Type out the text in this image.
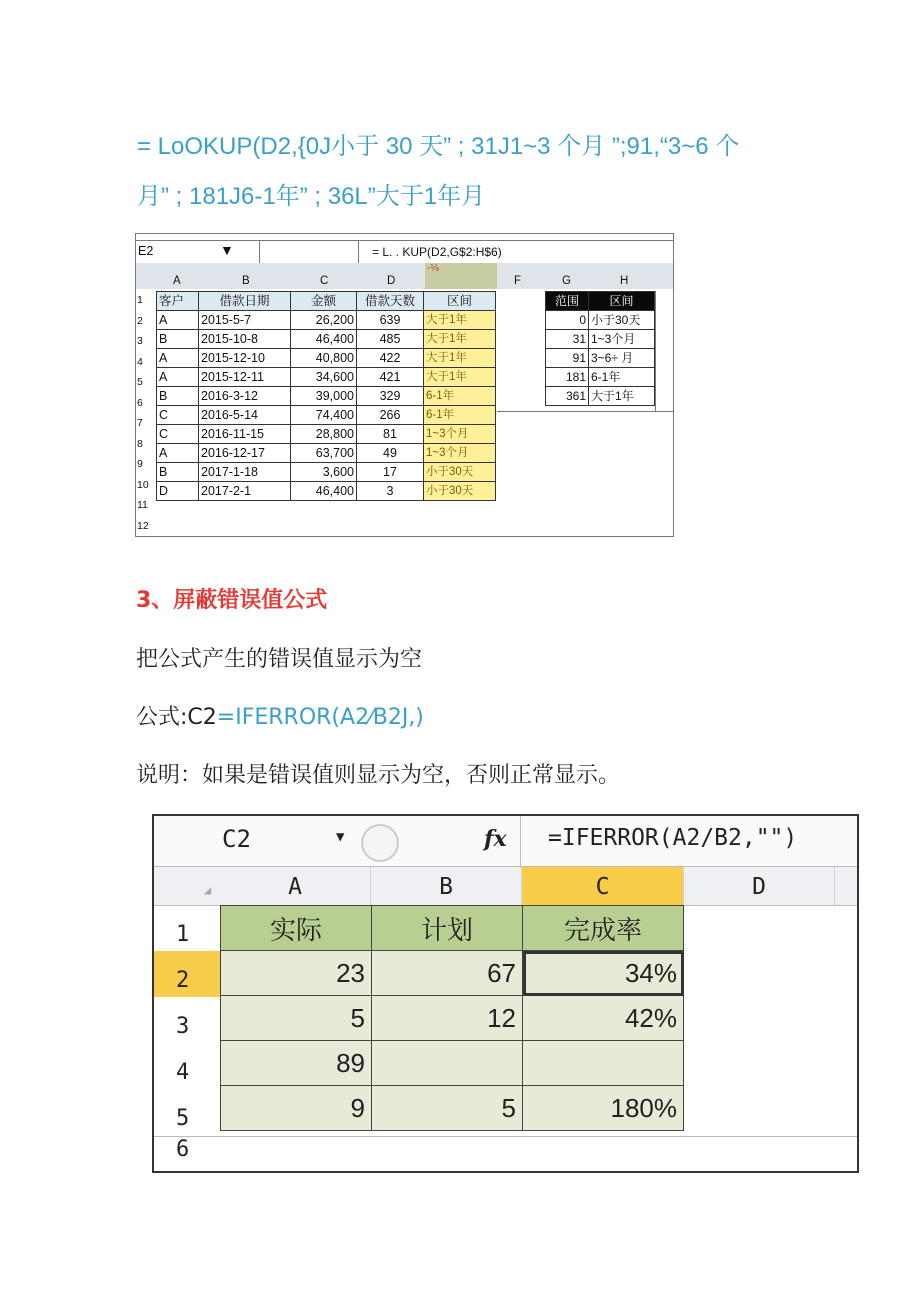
= LoOKUP(D2,{0J小于 30 天” ; 31J1~3 个月 ”;91,“3~6 个
月” ; 181J6-1年” ; 36L”大于1年月
E2	▼	= L. . KUP(D2,G$2:H$6)
-⅛
A	B	C	D	F	G	H
1
2
3
4
5
6
7
8
9
10
11
12
客户	借款日期	金额	借款天数	区间
A	2015-5-7	26,200	639	大于1年
B	2015-10-8	46,400	485	大于1年
A	2015-12-10	40,800	422	大于1年
A	2015-12-11	34,600	421	大于1年
B	2016-3-12	39,000	329	6-1年
C	2016-5-14	74,400	266	6-1年
C	2016-11-15	28,800	81	1~3个月
A	2016-12-17	63,700	49	1~3个月
B	2017-1-18	3,600	17	小于30天
D	2017-2-1	46,400	3	小于30天
范围	区间
0	小于30天
31	1~3个月
91	3~6÷ 月
181	6-1年
361	大于1年
3、屏蔽错误值公式
把公式产生的错误值显示为空
公式:C2=IFERROR(A2⁄B2J,)
说明：如果是错误值则显示为空，否则正常显示。
C2	▼	fx =IFERROR(A2/B2,"")
◢	A	B	C	D
1
2
3
4
5
6
实际	计划	完成率
23	67	34%
5	12	42%
89		
9	5	180%
